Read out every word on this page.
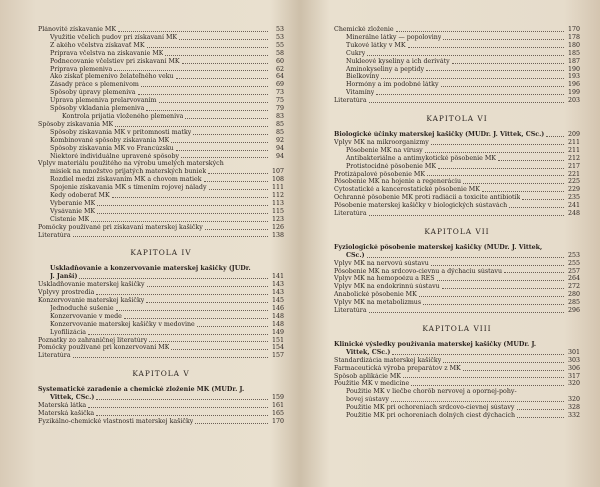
Plánovité získavanie MK	53
Využitie včelích pudov pri získavaní MK	53
Z akého včelstva získavať MK	55
Príprava včelstva na získavanie MK	58
Podnecovanie včelstiev pri získavaní MK	60
Príprava plemeniva	62
Ako získať plemenivo želateľného veku	64
Zásady práce s plemenivom	69
Spôsoby úpravy plemeniva	73
Úprava plemeniva prelarvovaním	75
Spôsoby vkladania plemeniva	79
Kontrola prijatia vloženého plemeniva	83
Spôsoby získavania MK	85
Spôsoby získavania MK v prítomnosti matky	85
Kombinované spôsoby získavania MK	92
Spôsoby získavania MK vo Francúzsku	94
Niektoré individuálne upravené spôsoby	94
Vplyv materiálu použitého na výrobu umelých materských
misiek na množstvo prijatých materských buniek	107
Rozdiel medzi získavaním MK a chovom matiek	108
Spojenie získavania MK s tímením rojovej nálady	111
Kedy odoberať MK	112
Vyberanie MK	113
Vysávanie MK	115
Čistenie MK	123
Pomôcky používané pri získavaní materskej kašičky	126
Literatúra	138
KAPITOLA IV
Uskladňovanie a konzervovanie materskej kašičky (JUDr.
J. Janší)	141
Uskladňovanie materskej kašičky	143
Vplyvy prostredia	143
Konzervovanie materskej kašičky	145
Jednoduché sušenie	146
Konzervovanie v mede	148
Konzervovanie materskej kašičky v medovine	148
Lyofilizácia	149
Poznatky zo zahraničnej literatúry	151
Pomôcky používané pri konzervovaní MK	154
Literatúra	157
KAPITOLA V
Systematické zaradenie a chemické zloženie MK (MUDr. J.
Vittek, CSc.)	159
Materská látka	161
Materská kašička	165
Fyzikálno-chemické vlastnosti materskej kašičky	170
Chemické zloženie	170
Minerálne látky — popoloviny	178
Tukové látky v MK	180
Cukry	185
Nukleové kyseliny a ich deriváty	187
Aminokyseliny a peptidy	190
Bielkoviny	193
Hormóny a im podobné látky	196
Vitamíny	199
Literatúra	203
KAPITOLA VI
Biologické účinky materskej kašičky (MUDr. J. Vittek, CSc.)	209
Vplyv MK na mikroorganizmy	211
Pôsobenie MK na vírusy	211
Antibakteriálne a antimykotické pôsobenie MK	212
Protistocidné pôsobenie MK	217
Protizápalové pôsobenie MK	221
Pôsobenie MK na hojenie a regeneráciu	225
Cytostatické a kancerostatické pôsobenie MK	229
Ochranné pôsobenie MK proti radiácii a toxicite antibiotík	235
Pôsobenie materskej kašičky v biologických sústavách	241
Literatúra	248
KAPITOLA VII
Fyziologické pôsobenie materskej kašičky (MUDr. J. Vittek,
CSc.)	253
Vplyv MK na nervovú sústavu	255
Pôsobenie MK na srdcovo-cievnu a dýchaciu sústavu	257
Vplyv MK na hemopoézu a RES	264
Vplyv MK na endokrinnú sústavu	272
Anabolické pôsobenie MK	280
Vplyv MK na metabolizmus	285
Literatúra	296
KAPITOLA VIII
Klinické výsledky používania materskej kašičky (MUDr. J.
Vittek, CSc.)	301
Štandardizácia materskej kašičky	303
Farmaceutická výroba preparátov z MK	306
Spôsob aplikácie MK	317
Použitie MK v medicíne	320
Použitie MK v liečbe chorôb nervovej a opornej-pohy-
bovej sústavy	320
Použitie MK pri ochoreniach srdcovo-cievnej sústavy	328
Použitie MK pri ochoreniach dolných ciest dýchacích	332
